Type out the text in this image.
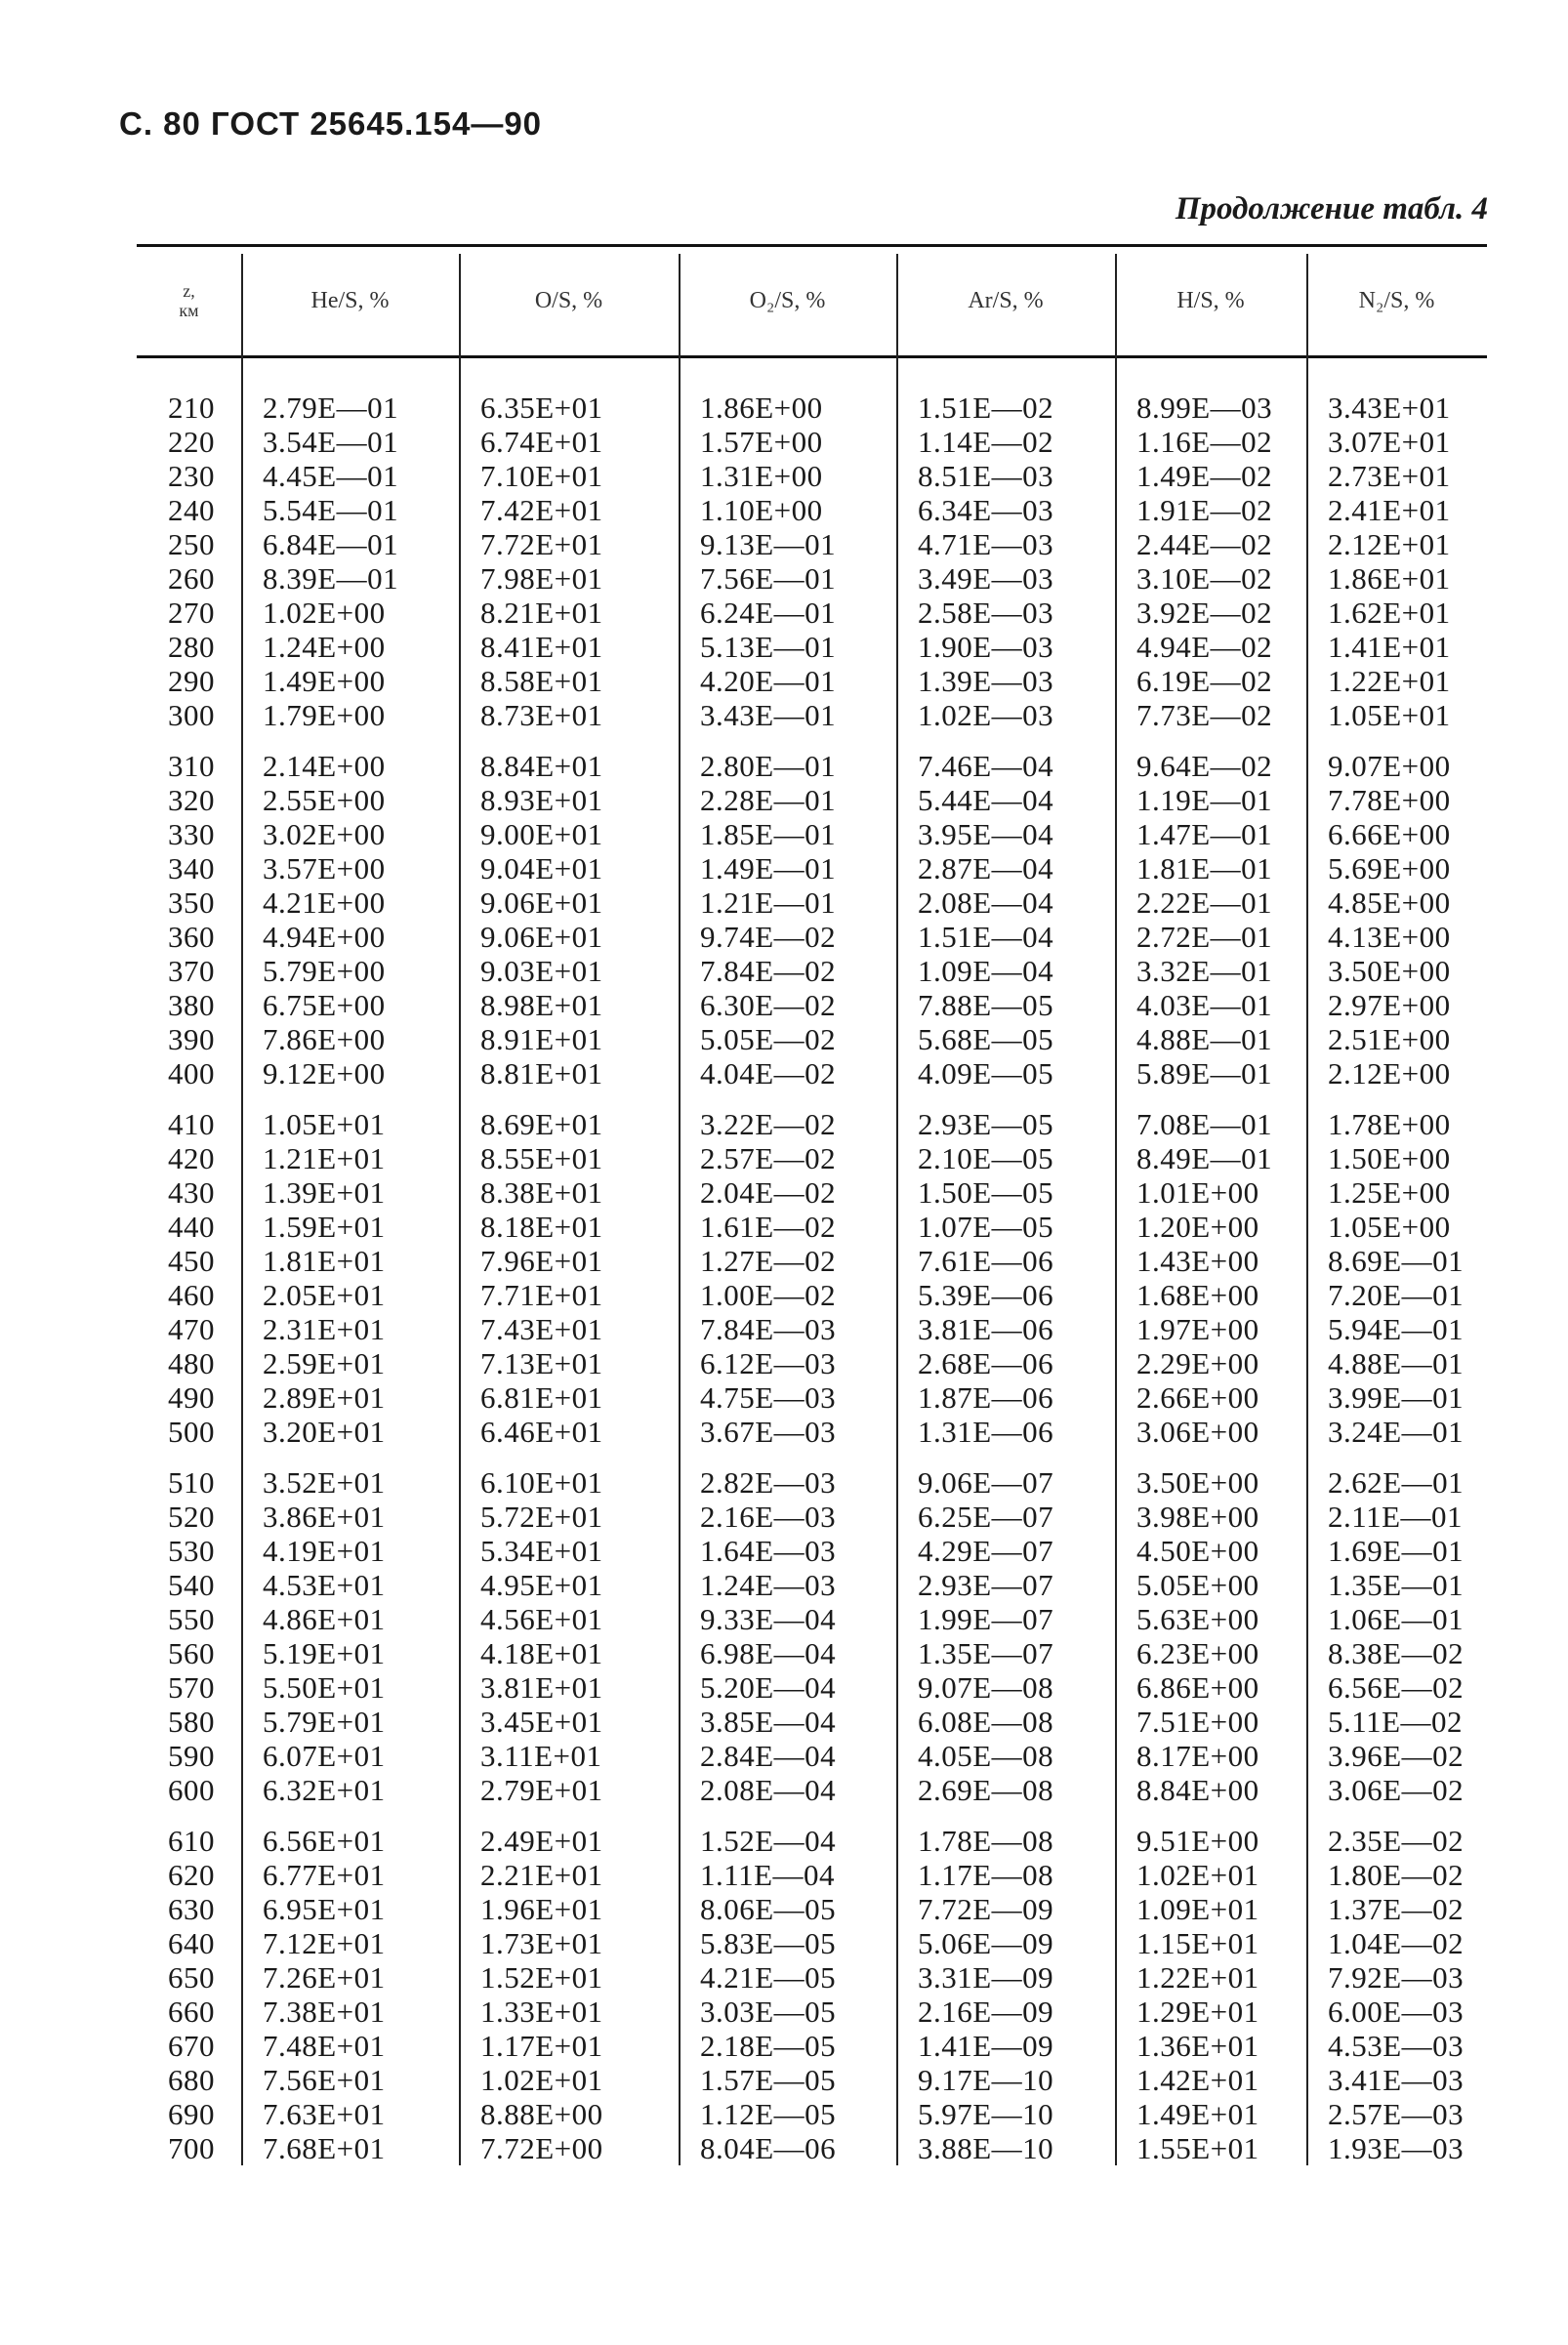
С. 80 ГОСТ 25645.154—90
Продолжение табл. 4
z,
км	He/S, %	O/S, %	O₂/S, %	Ar/S, %	H/S, %	N₂/S, %
210 2.79E—01	6.35E+01	1.86E+00	1.51E—02	8.99E—03 3.43E+01
220 3.54E—01	6.74E+01	1.57E+00	1.14E—02	1.16E—02 3.07E+01
230 4.45E—01	7.10E+01	1.31E+00	8.51E—03	1.49E—02 2.73E+01
240 5.54E—01	7.42E+01	1.10E+00	6.34E—03	1.91E—02 2.41E+01
250 6.84E—01	7.72E+01	9.13E—01	4.71E—03	2.44E—02 2.12E+01
260 8.39E—01	7.98E+01	7.56E—01	3.49E—03	3.10E—02 1.86E+01
270 1.02E+00	8.21E+01	6.24E—01	2.58E—03	3.92E—02 1.62E+01
280 1.24E+00	8.41E+01	5.13E—01	1.90E—03	4.94E—02 1.41E+01
290 1.49E+00	8.58E+01	4.20E—01	1.39E—03	6.19E—02 1.22E+01
300 1.79E+00	8.73E+01	3.43E—01	1.02E—03	7.73E—02 1.05E+01
310 2.14E+00	8.84E+01	2.80E—01	7.46E—04	9.64E—02 9.07E+00
320 2.55E+00	8.93E+01	2.28E—01	5.44E—04	1.19E—01 7.78E+00
330 3.02E+00	9.00E+01	1.85E—01	3.95E—04	1.47E—01 6.66E+00
340 3.57E+00	9.04E+01	1.49E—01	2.87E—04	1.81E—01 5.69E+00
350 4.21E+00	9.06E+01	1.21E—01	2.08E—04	2.22E—01 4.85E+00
360 4.94E+00	9.06E+01	9.74E—02	1.51E—04	2.72E—01 4.13E+00
370 5.79E+00	9.03E+01	7.84E—02	1.09E—04	3.32E—01 3.50E+00
380 6.75E+00	8.98E+01	6.30E—02	7.88E—05	4.03E—01 2.97E+00
390 7.86E+00	8.91E+01	5.05E—02	5.68E—05	4.88E—01 2.51E+00
400 9.12E+00	8.81E+01	4.04E—02	4.09E—05	5.89E—01 2.12E+00
410 1.05E+01	8.69E+01	3.22E—02	2.93E—05	7.08E—01 1.78E+00
420 1.21E+01	8.55E+01	2.57E—02	2.10E—05	8.49E—01 1.50E+00
430 1.39E+01	8.38E+01	2.04E—02	1.50E—05	1.01E+00 1.25E+00
440 1.59E+01	8.18E+01	1.61E—02	1.07E—05	1.20E+00 1.05E+00
450 1.81E+01	7.96E+01	1.27E—02	7.61E—06	1.43E+00 8.69E—01
460 2.05E+01	7.71E+01	1.00E—02	5.39E—06	1.68E+00 7.20E—01
470 2.31E+01	7.43E+01	7.84E—03	3.81E—06	1.97E+00 5.94E—01
480 2.59E+01	7.13E+01	6.12E—03	2.68E—06	2.29E+00 4.88E—01
490 2.89E+01	6.81E+01	4.75E—03	1.87E—06	2.66E+00 3.99E—01
500 3.20E+01	6.46E+01	3.67E—03	1.31E—06	3.06E+00 3.24E—01
510 3.52E+01	6.10E+01	2.82E—03	9.06E—07	3.50E+00 2.62E—01
520 3.86E+01	5.72E+01	2.16E—03	6.25E—07	3.98E+00 2.11E—01
530 4.19E+01	5.34E+01	1.64E—03	4.29E—07	4.50E+00 1.69E—01
540 4.53E+01	4.95E+01	1.24E—03	2.93E—07	5.05E+00 1.35E—01
550 4.86E+01	4.56E+01	9.33E—04	1.99E—07	5.63E+00 1.06E—01
560 5.19E+01	4.18E+01	6.98E—04	1.35E—07	6.23E+00 8.38E—02
570 5.50E+01	3.81E+01	5.20E—04	9.07E—08	6.86E+00 6.56E—02
580 5.79E+01	3.45E+01	3.85E—04	6.08E—08	7.51E+00 5.11E—02
590 6.07E+01	3.11E+01	2.84E—04	4.05E—08	8.17E+00 3.96E—02
600 6.32E+01	2.79E+01	2.08E—04	2.69E—08	8.84E+00 3.06E—02
610 6.56E+01	2.49E+01	1.52E—04	1.78E—08	9.51E+00 2.35E—02
620 6.77E+01	2.21E+01	1.11E—04	1.17E—08	1.02E+01 1.80E—02
630 6.95E+01	1.96E+01	8.06E—05	7.72E—09	1.09E+01 1.37E—02
640 7.12E+01	1.73E+01	5.83E—05	5.06E—09	1.15E+01 1.04E—02
650 7.26E+01	1.52E+01	4.21E—05	3.31E—09	1.22E+01 7.92E—03
660 7.38E+01	1.33E+01	3.03E—05	2.16E—09	1.29E+01 6.00E—03
670 7.48E+01	1.17E+01	2.18E—05	1.41E—09	1.36E+01 4.53E—03
680 7.56E+01	1.02E+01	1.57E—05	9.17E—10	1.42E+01 3.41E—03
690 7.63E+01	8.88E+00	1.12E—05	5.97E—10	1.49E+01 2.57E—03
700 7.68E+01	7.72E+00	8.04E—06	3.88E—10	1.55E+01 1.93E—03
